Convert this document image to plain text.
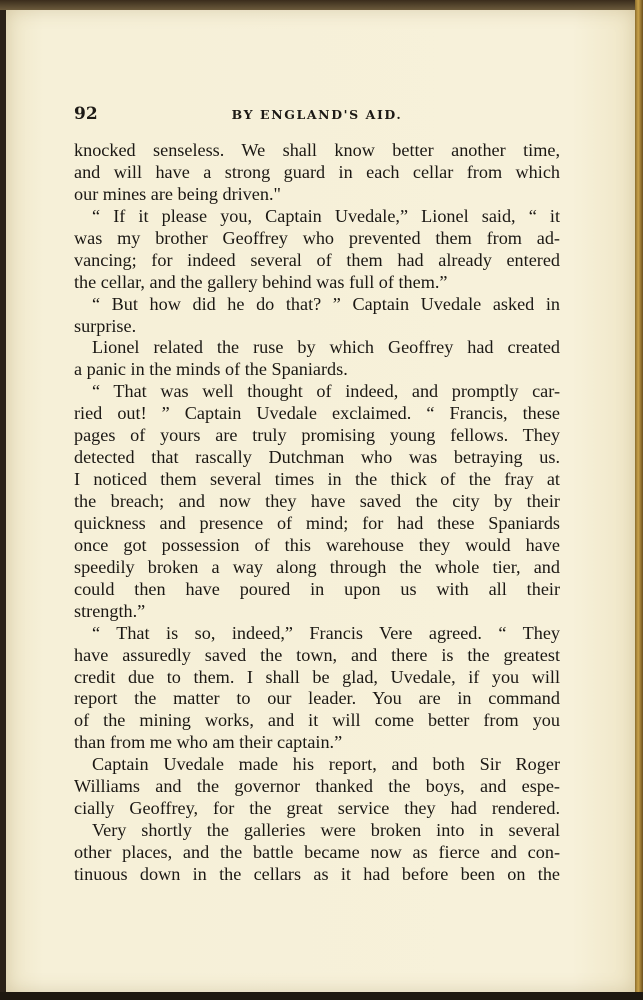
92	BY ENGLAND'S AID.
knocked senseless. We shall know better another time,
and will have a strong guard in each cellar from which
our mines are being driven."
“ If it please you, Captain Uvedale,” Lionel said, “ it
was my brother Geoffrey who prevented them from ad-
vancing; for indeed several of them had already entered
the cellar, and the gallery behind was full of them.”
“ But how did he do that? ” Captain Uvedale asked in
surprise.
Lionel related the ruse by which Geoffrey had created
a panic in the minds of the Spaniards.
“ That was well thought of indeed, and promptly car-
ried out! ” Captain Uvedale exclaimed. “ Francis, these
pages of yours are truly promising young fellows. They
detected that rascally Dutchman who was betraying us.
I noticed them several times in the thick of the fray at
the breach; and now they have saved the city by their
quickness and presence of mind; for had these Spaniards
once got possession of this warehouse they would have
speedily broken a way along through the whole tier, and
could then have poured in upon us with all their
strength.”
“ That is so, indeed,” Francis Vere agreed. “ They
have assuredly saved the town, and there is the greatest
credit due to them. I shall be glad, Uvedale, if you will
report the matter to our leader. You are in command
of the mining works, and it will come better from you
than from me who am their captain.”
Captain Uvedale made his report, and both Sir Roger
Williams and the governor thanked the boys, and espe-
cially Geoffrey, for the great service they had rendered.
Very shortly the galleries were broken into in several
other places, and the battle became now as fierce and con-
tinuous down in the cellars as it had before been on the
